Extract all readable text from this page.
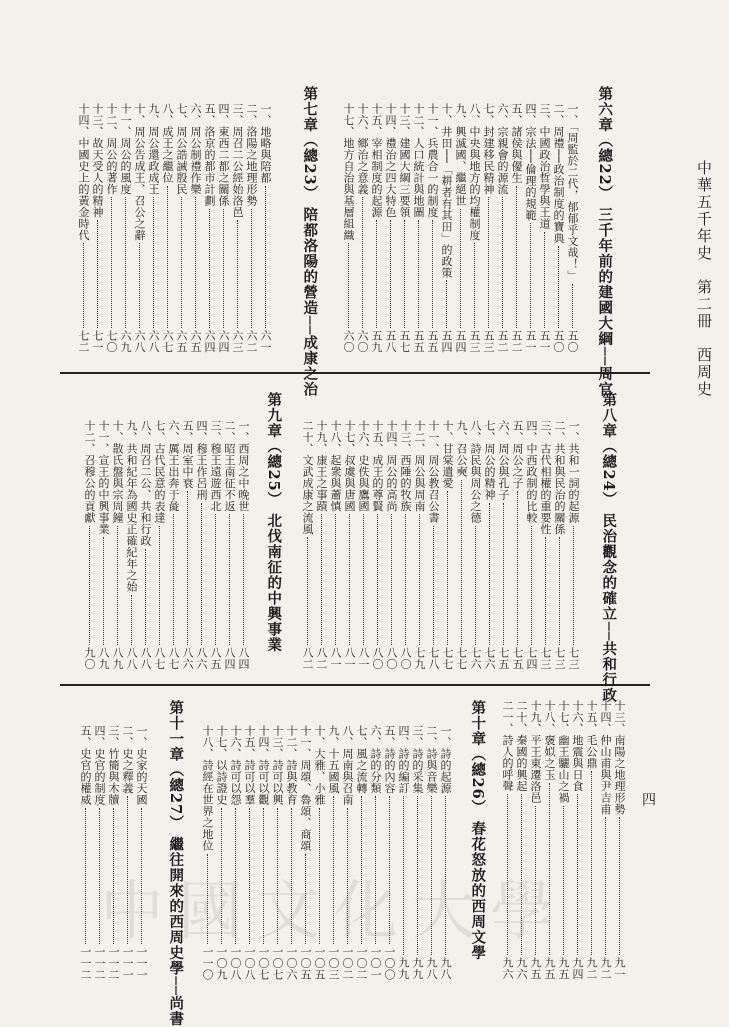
中華五千年史　第二冊　西周史
四
第六章（總22） 三千年前的建國大綱──周官
一、「周監於二代，郁郁乎文哉！」
五〇
二、周禮──政治制度的寶典
五〇
三、中國政治哲學與王道
五一
四、宗法──倫理的規範
五一
五、諸侯與優生
五二
六、宗親會的源流
五二
七、封建移民精神
五三
八、中央與地方的均權制度
五三
九、興滅國、繼絕世
五四
十、井田──「耕者有其田」的政策
五四
十一、兵農合一的制度
五五
十二、人口統計與地圖
五五
十三、建國大綱三要領
五七
十四、禮治之四大特色
五八
十五、宰相制度的起源
五九
十六、鄉治之意義
六〇
十七、地方自治與基層組織
六〇
第七章（總23） 陪都洛陽的營造──成康之治
一、地略與陪都
六一
二、洛陽之地理形勢
六二
三、周召二公經始洛邑
六三
四、東西二都之關係
六四
五、洛京的都市計劃
六四
六、周公制禮作樂
六五
七、周公誥誡殷民
六五
八、成王之繼位
六七
九、周公還政成王
六八
十、周公告成王、召公之辭
六八
十一、周公的風度
六九
十二、周公的著作
七〇
十三、故天受人的精神
七一
十四、中國史上的黃金時代
七二
第八章（總24） 民治觀念的確立──共和行政
一、共和一詞的起源
七三
二、共和與民治的關係
七三
三、古代相權的重要性
七三
四、中西政制的比較
七四
五、周公之子
七五
六、周公與孔子
七五
七、周公的精神
七六
八、詩民與周公之德
七六
九、召公奭
七七
十、甘棠遺愛
七七
十一、周公教召公書
七八
十二、周公與周南
七九
十三、西陲的牧族
八〇
十四、周公的高尚
八〇
十五、成王的尊賢
八〇
十六、史佚與鷹國
八一
十七、叔虞與唐國
八一
十八、起衆與蕭慎
八一
十九、康王之事蹟
八二
二十、文武成康之流風
八二
第九章（總25） 北伐南征的中興事業
一、西周之中晚世
八四
二、昭王南征不返
八四
三、穆王遠遊西北
八五
四、穆王作呂刑
八六
五、周室中衰
八六
六、厲王出奔于彘
八七
七、古代民意的表達
八七
八、周召二公、共和行政
八八
九、共和紀年為國史正確紀年之始
八八
十、散氏盤與宗周鐘
八九
十一、宣王的中興事業
八九
十二、召穆公的貢獻
九〇
十三、南陽之地理形勢
九一
十四、仲山甫與尹吉甫
九二
十五、毛公鼎
九二
十六、地震與日食
九四
十七、幽王驪山之禍
九五
十八、褒姒之玉
九五
十九、平王東遷洛邑
九五
二十、秦國的興起
九六
二一、詩人的呼聲
九六
第十章（總26） 春花怒放的西周文學
一、詩的起源
九八
二、詩與音樂
九八
三、詩的采集
九九
四、詩的編訂
九九
五、詩的內容
一〇〇
六、詩的分類
一〇一
七、風之流轉
一〇二
八、周南與召南
一〇二
九、十五國風
一〇三
十、大雅、小雅
一〇五
十一、周頌、魯頌、商頌
一〇五
十二、詩與教育
一〇六
十三、詩可以興
一〇七
十四、詩可以觀
一〇七
十五、詩可以羣
一〇八
十六、詩可以怨
一〇八
十七、以詩證史
一〇九
十八、詩經在世界之地位
一一〇
第十一章（總27） 繼往開來的西周史學──尚書
一、史家的天國
一一一
二、史之釋義
一一一
三、竹簡與木牘
一一二
四、史官的制度
一一二
五、史官的權威
一一二
中國文化大學
